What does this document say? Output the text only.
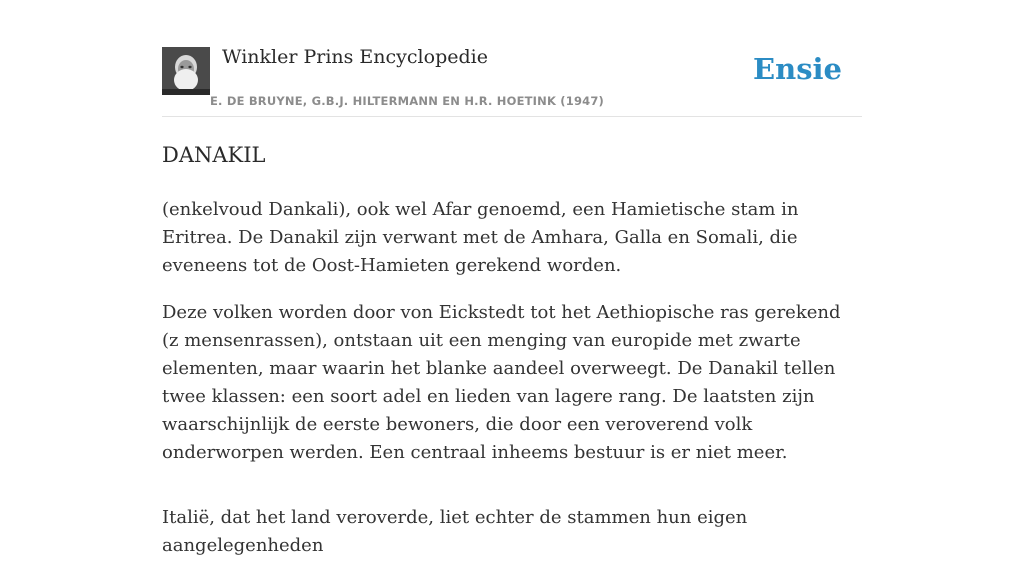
Winkler Prins Encyclopedie
E. DE BRUYNE, G.B.J. HILTERMANN EN H.R. HOETINK (1947)
Ensie
DANAKIL

(enkelvoud Dankali), ook wel Afar genoemd, een Hamietische stam in Eritrea. De Danakil zijn verwant met de Amhara, Galla en Somali, die eveneens tot de Oost-Hamieten gerekend worden.

Deze volken worden door von Eickstedt tot het Aethiopische ras gerekend (z mensenrassen), ontstaan uit een menging van europide met zwarte elementen, maar waarin het blanke aandeel overweegt. De Danakil tellen twee klassen: een soort adel en lieden van lagere rang. De laatsten zijn waarschijnlijk de eerste bewoners, die door een veroverend volk onderworpen werden. Een centraal inheems bestuur is er niet meer.

Italië, dat het land veroverde, liet echter de stammen hun eigen aangelegenheden
